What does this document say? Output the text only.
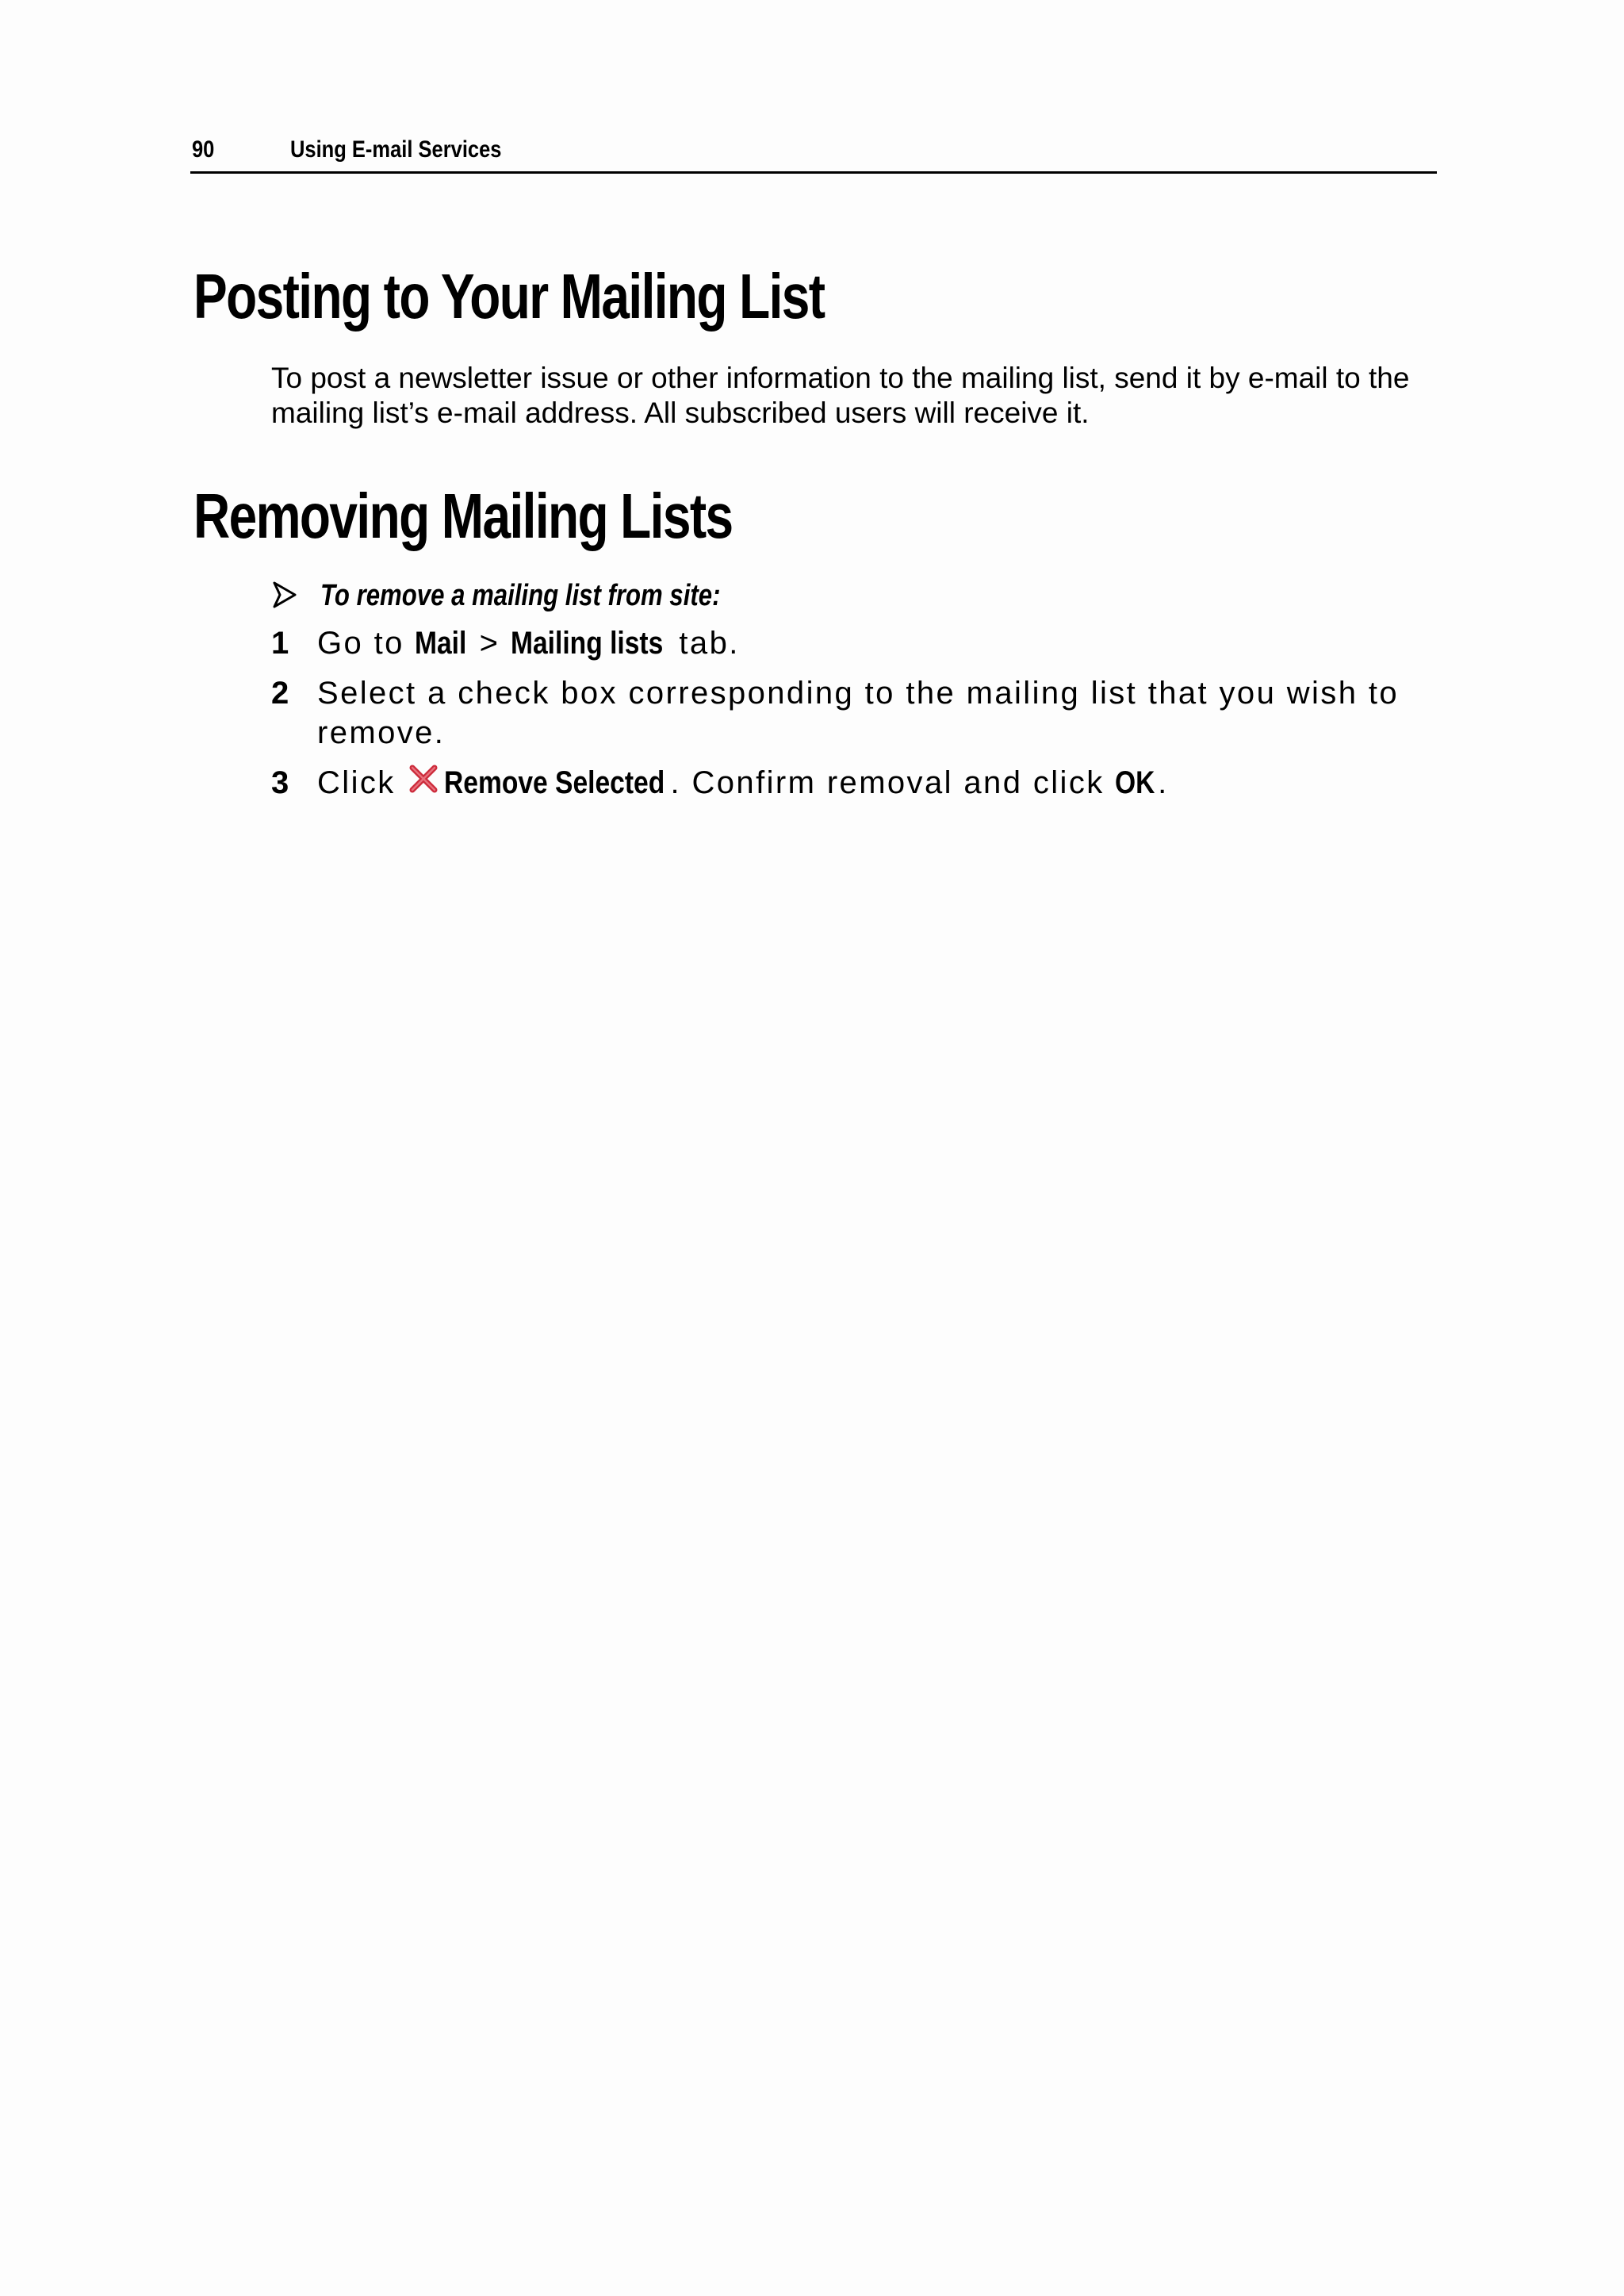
90	Using E-mail Services
Posting to Your Mailing List

To post a newsletter issue or other information to the mailing list, send it by e-mail to the mailing list’s e-mail address. All subscribed users will receive it.

Removing Mailing Lists
To remove a mailing list from site:
1 Go to Mail > Mailing lists tab.
2 Select a check box corresponding to the mailing list that you wish to remove.
3 Click Remove Selected . Confirm removal and click OK.
